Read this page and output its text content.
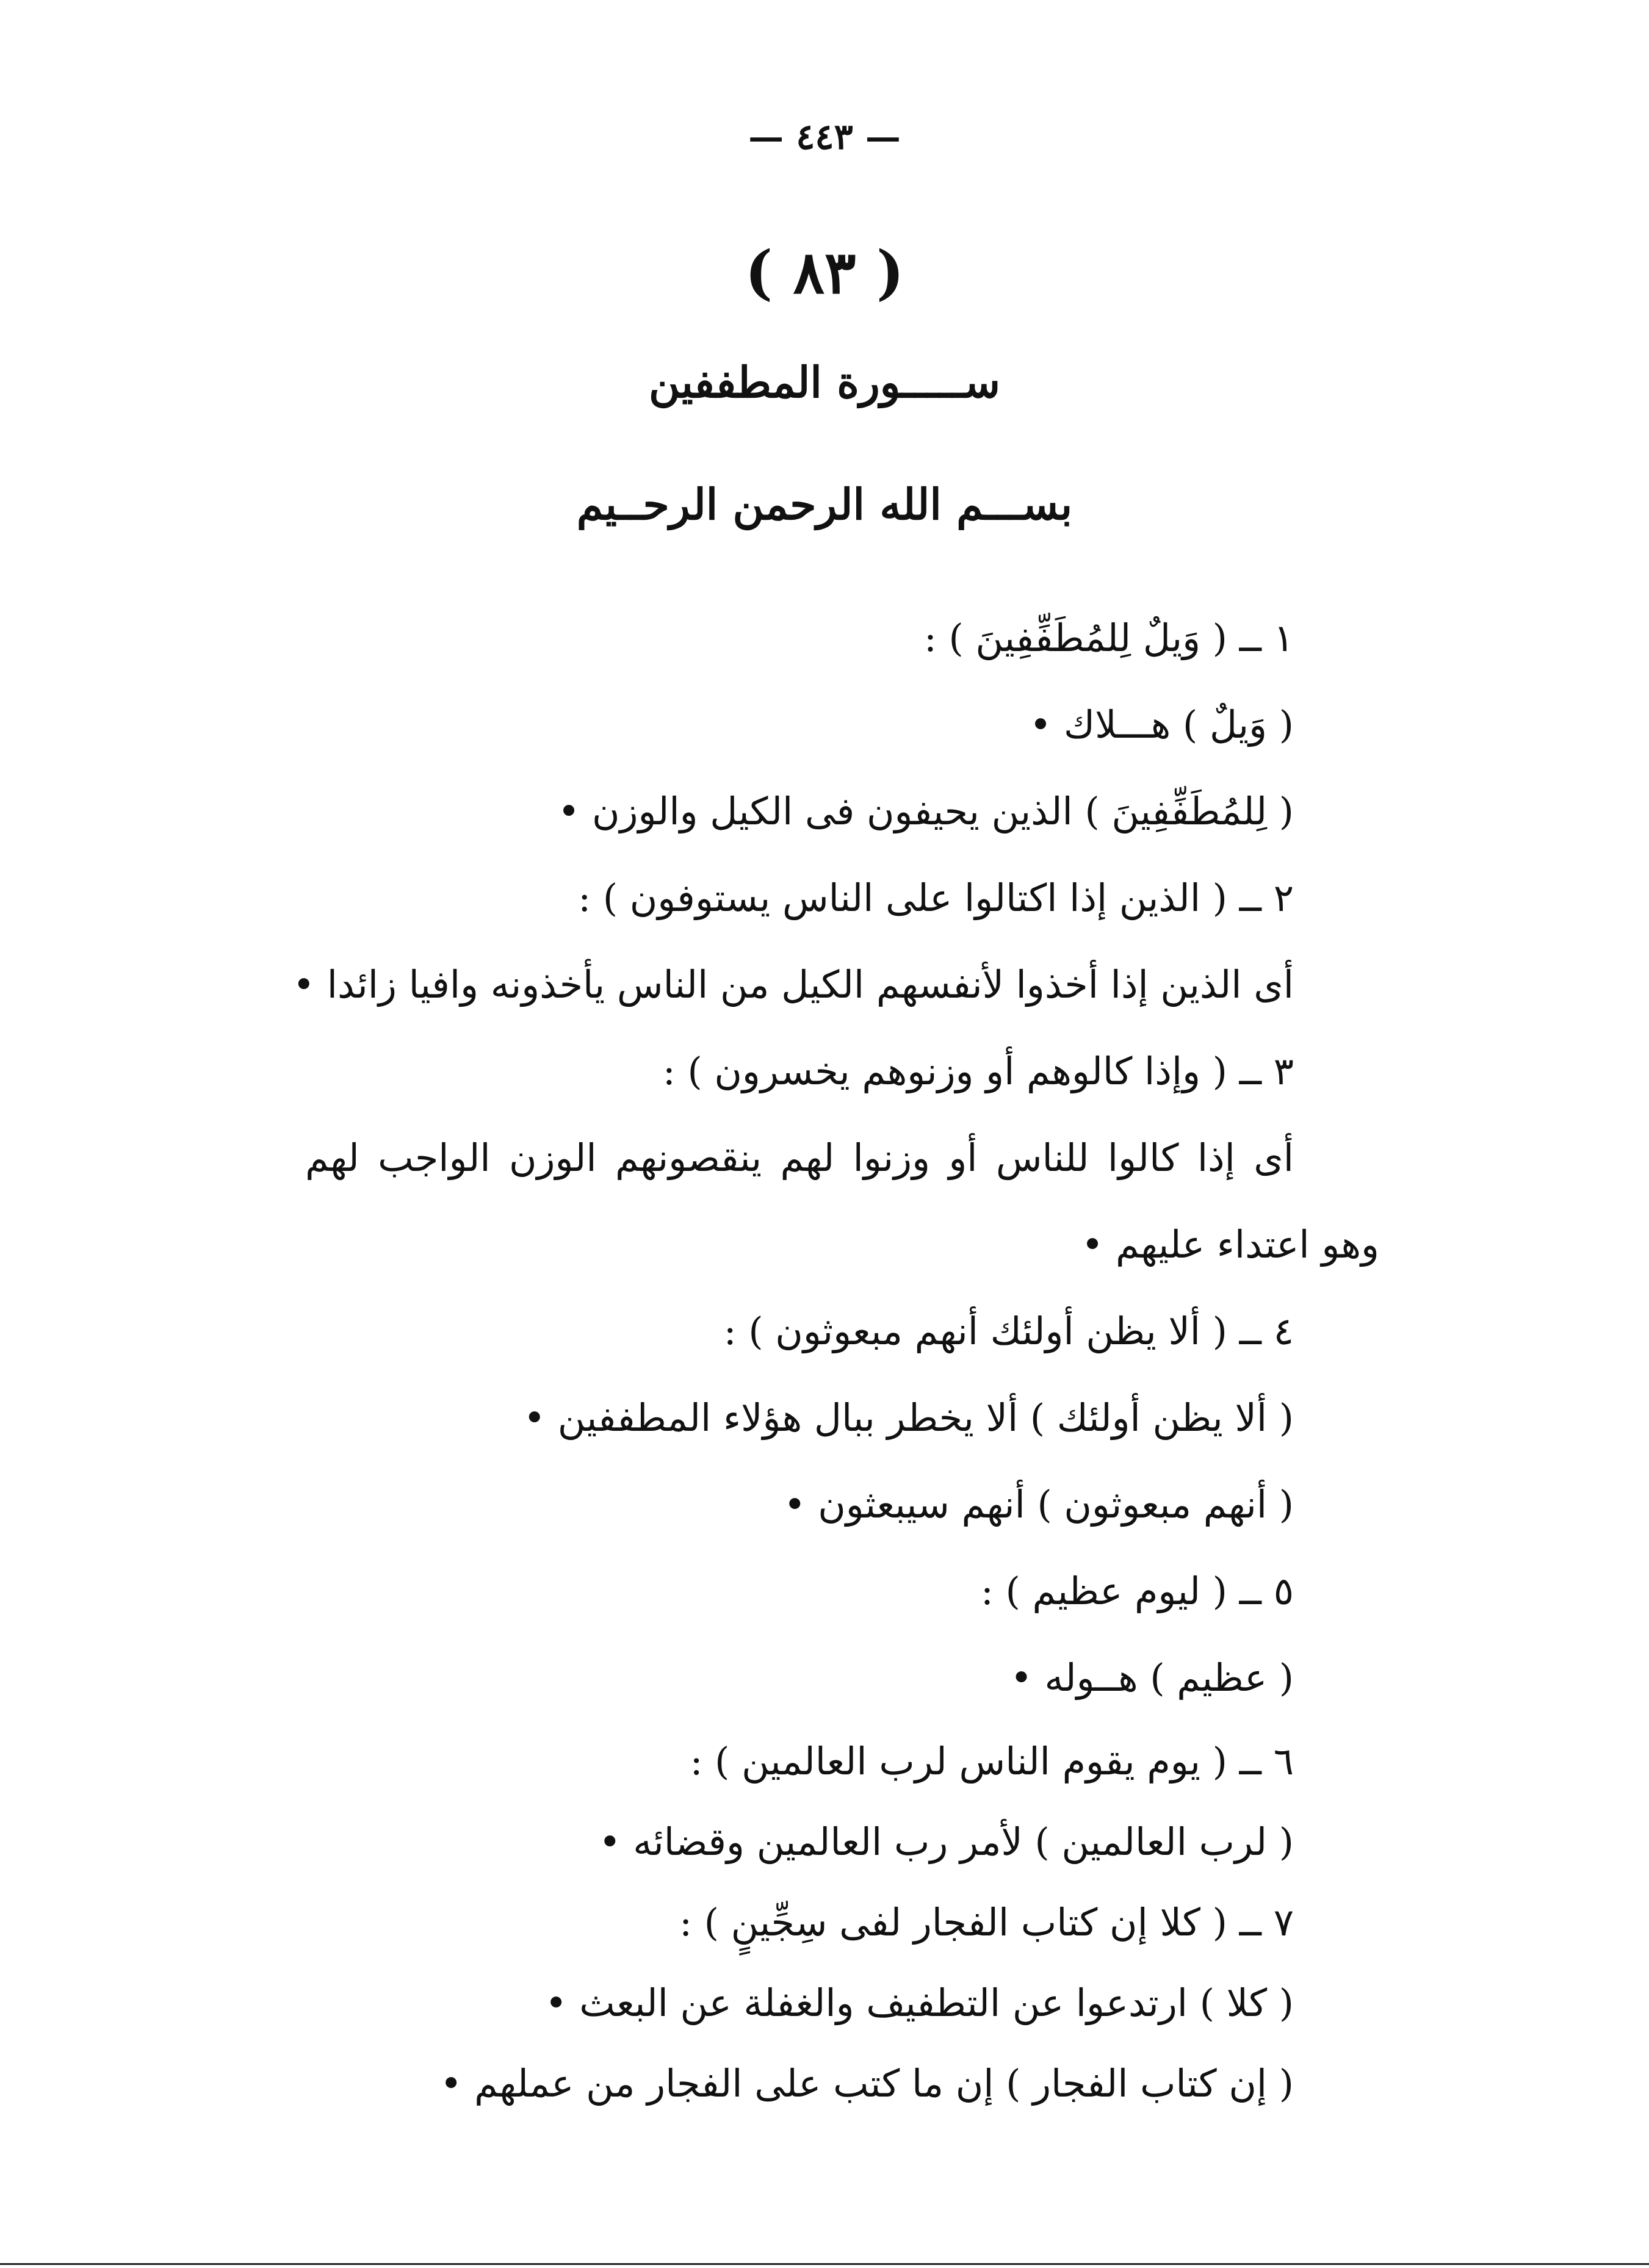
— ٤٤٣ —
( ٨٣ )
ســـــورة المطففين
بســـم الله الرحمن الرحــيم
١ ــ ( وَيلٌ لِلمُطَفِّفِينَ ) :
( وَيلٌ ) هـــلاك •
( لِلمُطَفِّفِينَ ) الذين يحيفون فى الكيل والوزن •
٢ ــ ( الذين إذا اكتالوا على الناس يستوفون ) :
أى الذين إذا أخذوا لأنفسهم الكيل من الناس يأخذونه وافيا زائدا •
٣ ــ ( وإذا كالوهم أو وزنوهم يخسرون ) :
أى إذا كالوا للناس أو وزنوا لهم ينقصونهم الوزن الواجب لهم
وهو اعتداء عليهم •
٤ ــ ( ألا يظن أولئك أنهم مبعوثون ) :
( ألا يظن أولئك ) ألا يخطر ببال هؤلاء المطففين •
( أنهم مبعوثون ) أنهم سيبعثون •
٥ ــ ( ليوم عظيم ) :
( عظيم ) هــوله •
٦ ــ ( يوم يقوم الناس لرب العالمين ) :
( لرب العالمين ) لأمر رب العالمين وقضائه •
٧ ــ ( كلا إن كتاب الفجار لفى سِجِّينٍ ) :
( كلا ) ارتدعوا عن التطفيف والغفلة عن البعث •
( إن كتاب الفجار ) إن ما كتب على الفجار من عملهم •
